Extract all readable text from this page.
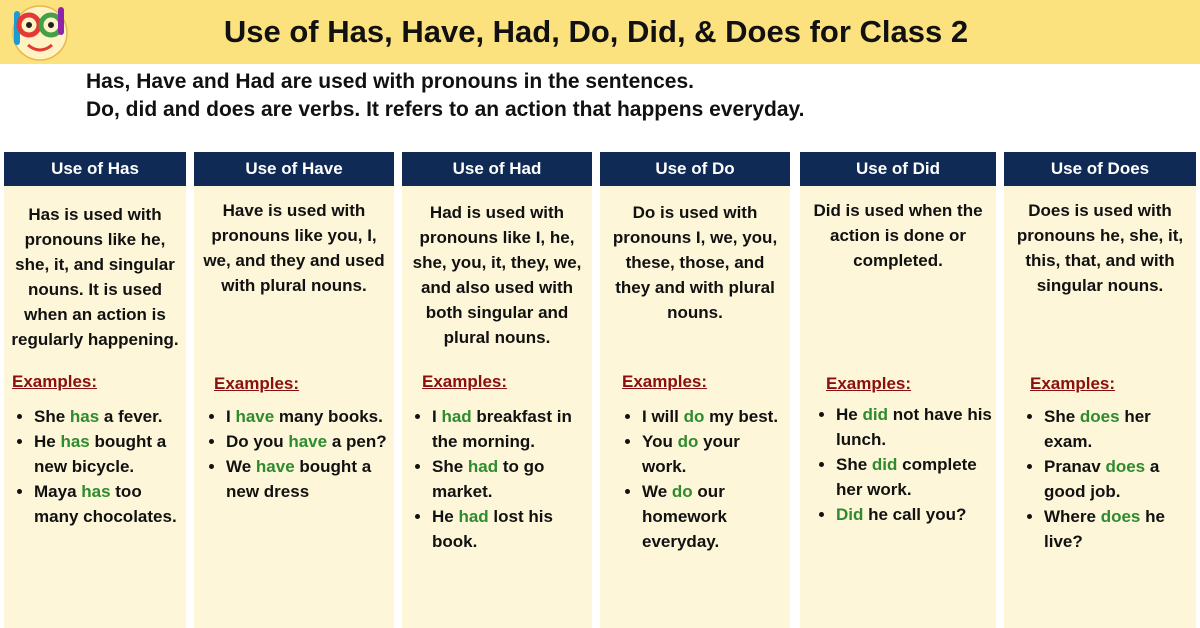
Use of Has, Have, Had, Do, Did, & Does for Class 2
Has, Have and Had are used with pronouns in the sentences.
Do, did and does are verbs. It refers to an action that happens everyday.
Use of Has
Has is used with pronouns like he, she, it, and singular nouns. It is used when an action is regularly happening.
Examples:
• She has a fever.
• He has bought a new bicycle.
• Maya has too many chocolates.
Use of Have
Have is used with pronouns like you, I, we, and they and used with plural nouns.
Examples:
• I have many books.
• Do you have a pen?
• We have bought a new dress
Use of Had
Had is used with pronouns like I, he, she, you, it, they, we, and also used with both singular and plural nouns.
Examples:
• I had breakfast in the morning.
• She had to go market.
• He had lost his book.
Use of Do
Do is used with pronouns I, we, you, these, those, and they and with plural nouns.
Examples:
• I will do my best.
• You do your work.
• We do our homework everyday.
Use of Did
Did is used when the action is done or completed.
Examples:
• He did not have his lunch.
• She did complete her work.
• Did he call you?
Use of Does
Does is used with pronouns he, she, it, this, that, and with singular nouns.
Examples:
• She does her exam.
• Pranav does a good job.
• Where does he live?
